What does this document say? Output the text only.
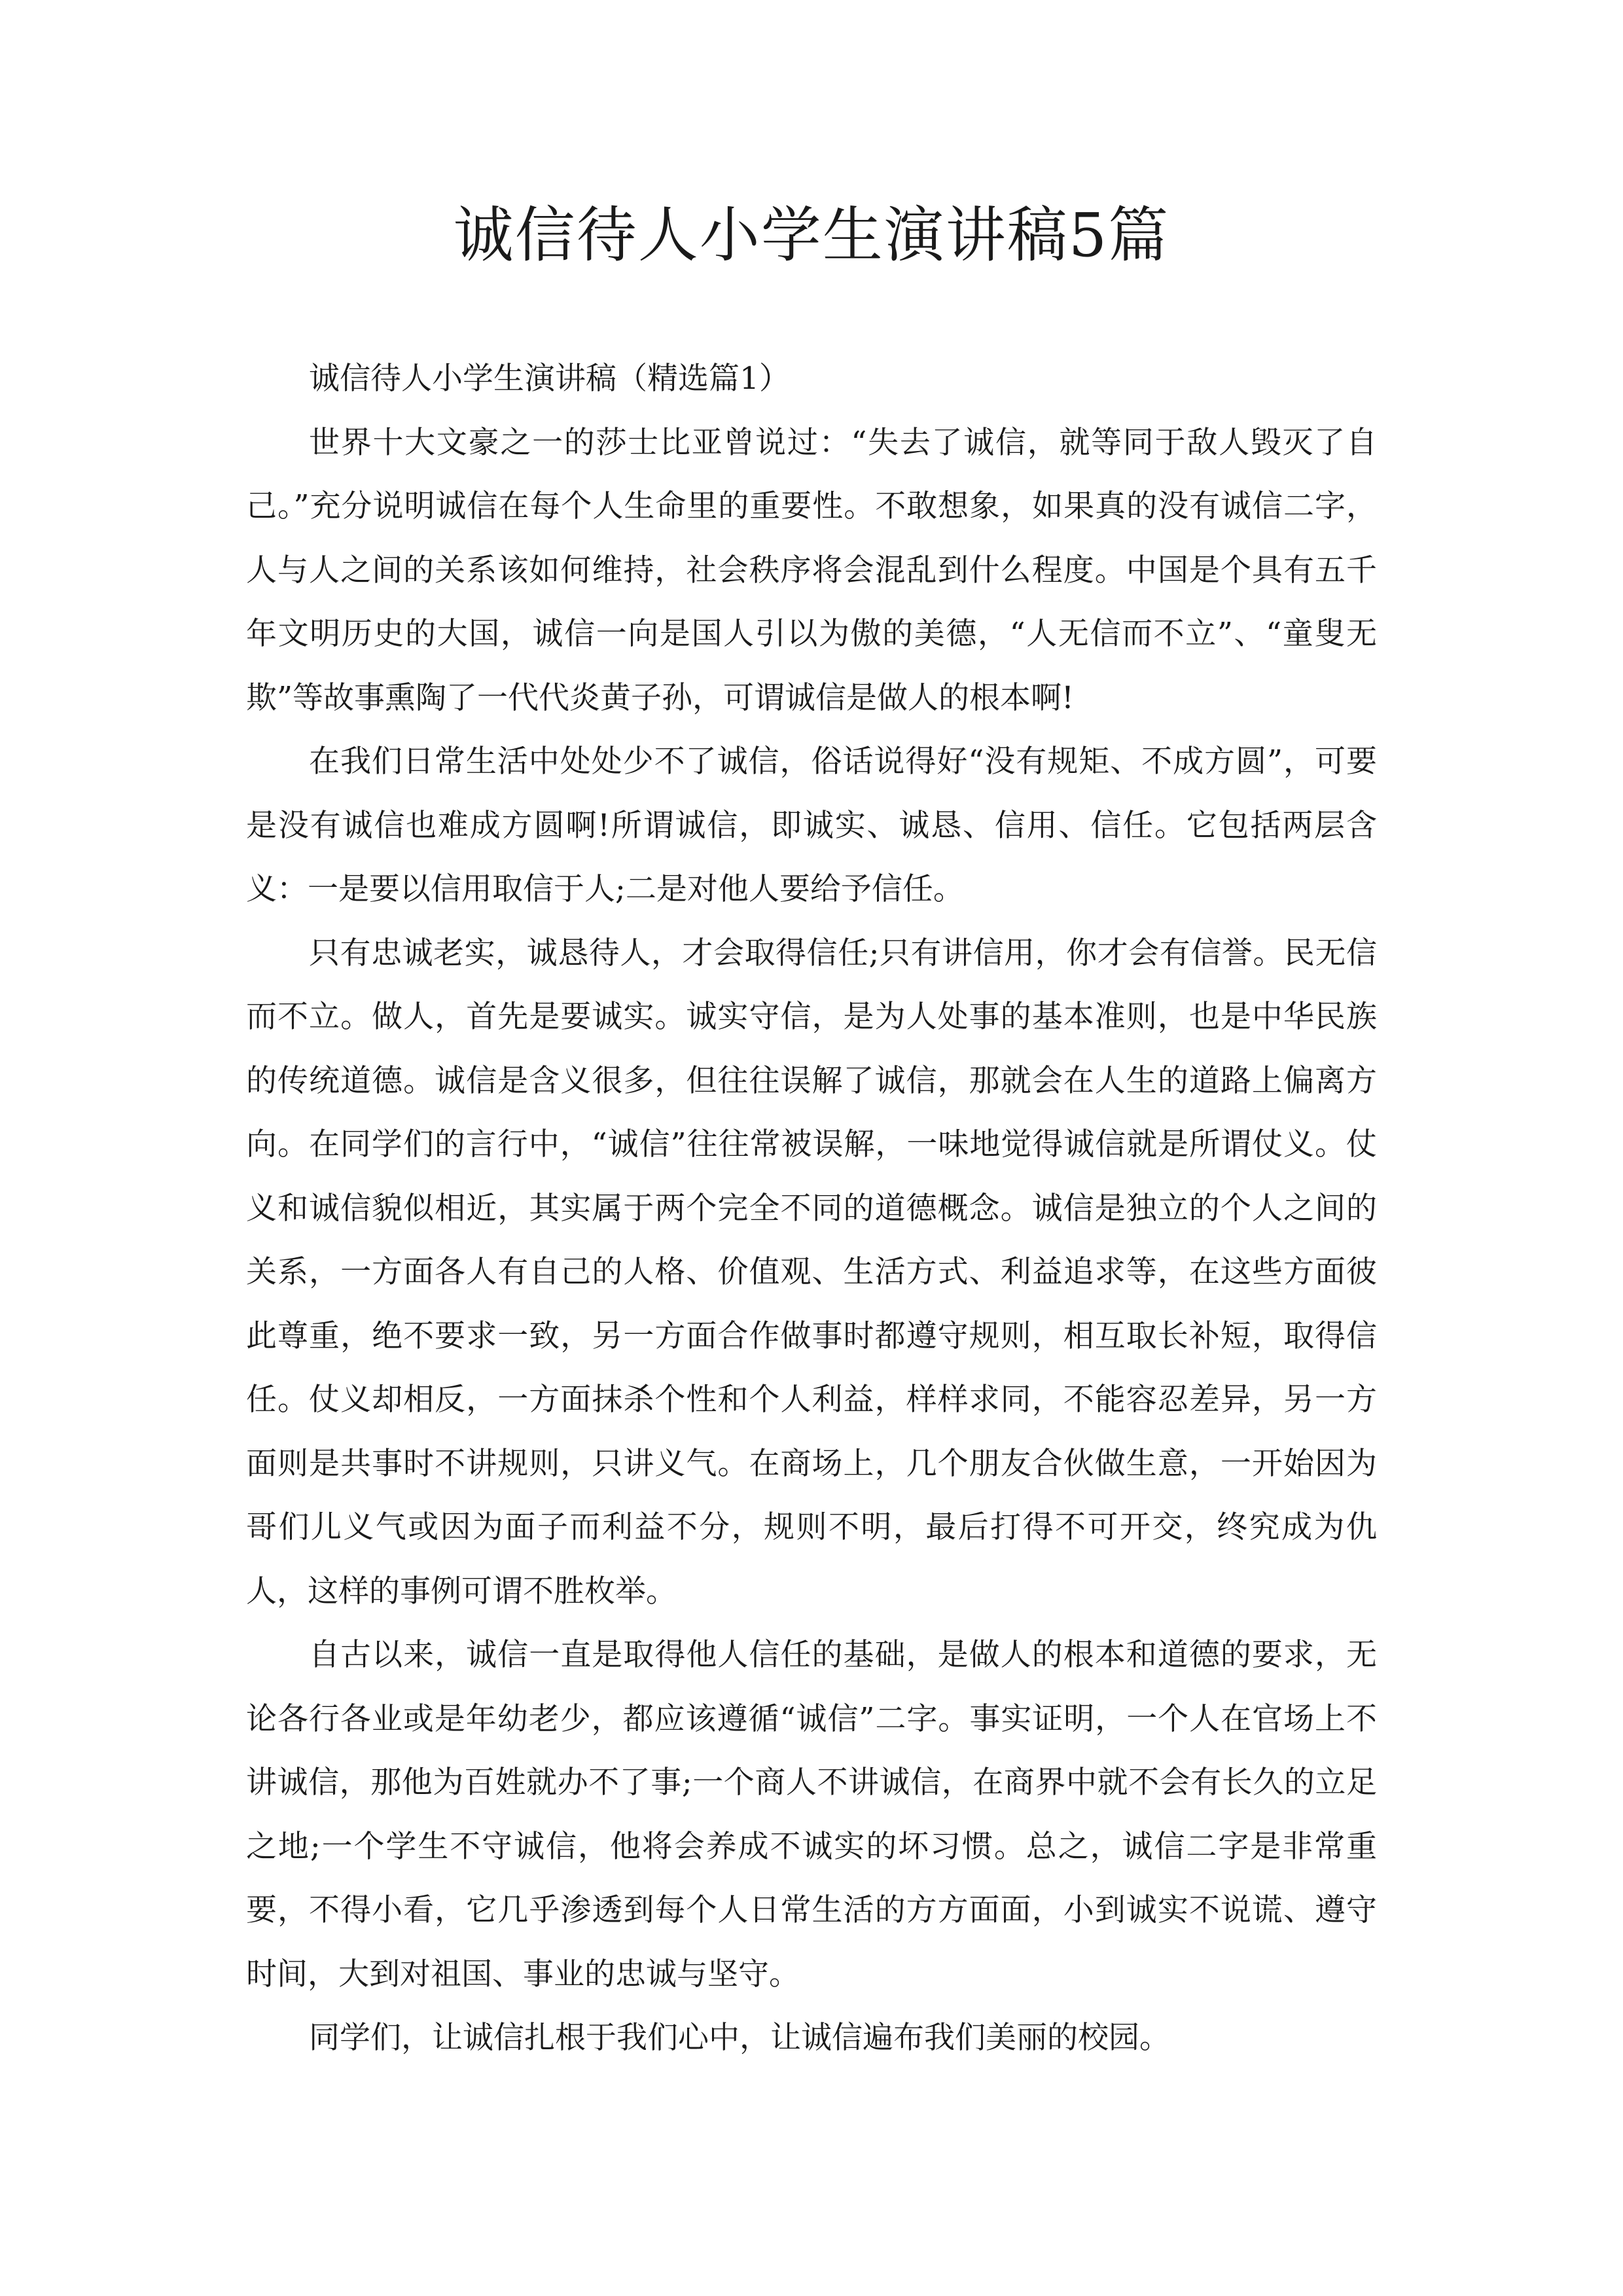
诚信待人小学生演讲稿5篇

诚信待人小学生演讲稿（精选篇1）

世界十大文豪之一的莎士比亚曾说过：“失去了诚信，就等同于敌人毁灭了自己。”充分说明诚信在每个人生命里的重要性。不敢想象，如果真的没有诚信二字，人与人之间的关系该如何维持，社会秩序将会混乱到什么程度。中国是个具有五千年文明历史的大国，诚信一向是国人引以为傲的美德，“人无信而不立”、“童叟无欺”等故事熏陶了一代代炎黄子孙，可谓诚信是做人的根本啊!

在我们日常生活中处处少不了诚信，俗话说得好“没有规矩、不成方圆”，可要是没有诚信也难成方圆啊!所谓诚信，即诚实、诚恳、信用、信任。它包括两层含义：一是要以信用取信于人;二是对他人要给予信任。

只有忠诚老实，诚恳待人，才会取得信任;只有讲信用，你才会有信誉。民无信而不立。做人，首先是要诚实。诚实守信，是为人处事的基本准则，也是中华民族的传统道德。诚信是含义很多，但往往误解了诚信，那就会在人生的道路上偏离方向。在同学们的言行中，“诚信”往往常被误解，一味地觉得诚信就是所谓仗义。仗义和诚信貌似相近，其实属于两个完全不同的道德概念。诚信是独立的个人之间的关系，一方面各人有自己的人格、价值观、生活方式、利益追求等，在这些方面彼此尊重，绝不要求一致，另一方面合作做事时都遵守规则，相互取长补短，取得信任。仗义却相反，一方面抹杀个性和个人利益，样样求同，不能容忍差异，另一方面则是共事时不讲规则，只讲义气。在商场上，几个朋友合伙做生意，一开始因为哥们儿义气或因为面子而利益不分，规则不明，最后打得不可开交，终究成为仇人，这样的事例可谓不胜枚举。

自古以来，诚信一直是取得他人信任的基础，是做人的根本和道德的要求，无论各行各业或是年幼老少，都应该遵循“诚信”二字。事实证明，一个人在官场上不讲诚信，那他为百姓就办不了事;一个商人不讲诚信，在商界中就不会有长久的立足之地;一个学生不守诚信，他将会养成不诚实的坏习惯。总之，诚信二字是非常重要，不得小看，它几乎渗透到每个人日常生活的方方面面，小到诚实不说谎、遵守时间，大到对祖国、事业的忠诚与坚守。

同学们，让诚信扎根于我们心中，让诚信遍布我们美丽的校园。
